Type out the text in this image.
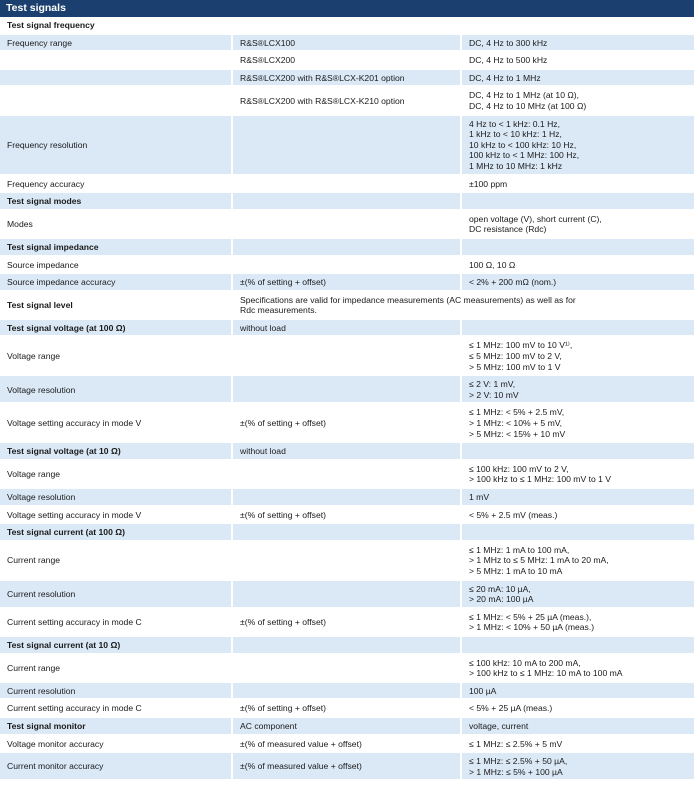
Test signals
Test signal frequency		
Frequency range	R&S®LCX100	DC, 4 Hz to 300 kHz

	R&S®LCX200	DC, 4 Hz to 500 kHz

	R&S®LCX200 with R&S®LCX-K201 option	DC, 4 Hz to 1 MHz

	R&S®LCX200 with R&S®LCX-K210 option	DC, 4 Hz to 1 MHz (at 10 Ω),
DC, 4 Hz to 10 MHz (at 100 Ω)

Frequency resolution		4 Hz to < 1 kHz: 0.1 Hz,
1 kHz to < 10 kHz: 1 Hz,
10 kHz to < 100 kHz: 10 Hz,
100 kHz to < 1 MHz: 100 Hz,
1 MHz to 10 MHz: 1 kHz

Frequency accuracy		±100 ppm

Test signal modes		
Modes		open voltage (V), short current (C),
DC resistance (Rdc)

Test signal impedance		
Source impedance		100 Ω, 10 Ω

Source impedance accuracy	±(% of setting + offset)	< 2% + 200 mΩ (nom.)

Test signal level	Specifications are valid for impedance measurements (AC measurements) as well as for
Rdc measurements.	

Test signal voltage (at 100 Ω)	without load	
Voltage range		≤ 1 MHz: 100 mV to 10 V¹⁾,
≤ 5 MHz: 100 mV to 2 V,
> 5 MHz: 100 mV to 1 V

Voltage resolution		≤ 2 V: 1 mV,
> 2 V: 10 mV

Voltage setting accuracy in mode V	±(% of setting + offset)	≤ 1 MHz: < 5% + 2.5 mV,
> 1 MHz: < 10% + 5 mV,
> 5 MHz: < 15% + 10 mV

Test signal voltage (at 10 Ω)	without load	
Voltage range		≤ 100 kHz: 100 mV to 2 V,
> 100 kHz to ≤ 1 MHz: 100 mV to 1 V

Voltage resolution		1 mV

Voltage setting accuracy in mode V	±(% of setting + offset)	< 5% + 2.5 mV (meas.)

Test signal current (at 100 Ω)		
Current range		≤ 1 MHz: 1 mA to 100 mA,
> 1 MHz to ≤ 5 MHz: 1 mA to 20 mA,
> 5 MHz: 1 mA to 10 mA

Current resolution		≤ 20 mA: 10 µA,
> 20 mA: 100 µA

Current setting accuracy in mode C	±(% of setting + offset)	≤ 1 MHz: < 5% + 25 µA (meas.),
> 1 MHz: < 10% + 50 µA (meas.)

Test signal current (at 10 Ω)		
Current range		≤ 100 kHz: 10 mA to 200 mA,
> 100 kHz to ≤ 1 MHz: 10 mA to 100 mA

Current resolution		100 µA

Current setting accuracy in mode C	±(% of setting + offset)	< 5% + 25 µA (meas.)

Test signal monitor	AC component	voltage, current
Voltage monitor accuracy	±(% of measured value + offset)	≤ 1 MHz: ≤ 2.5% + 5 mV

Current monitor accuracy	±(% of measured value + offset)	≤ 1 MHz: ≤ 2.5% + 50 µA,
> 1 MHz: ≤ 5% + 100 µA
